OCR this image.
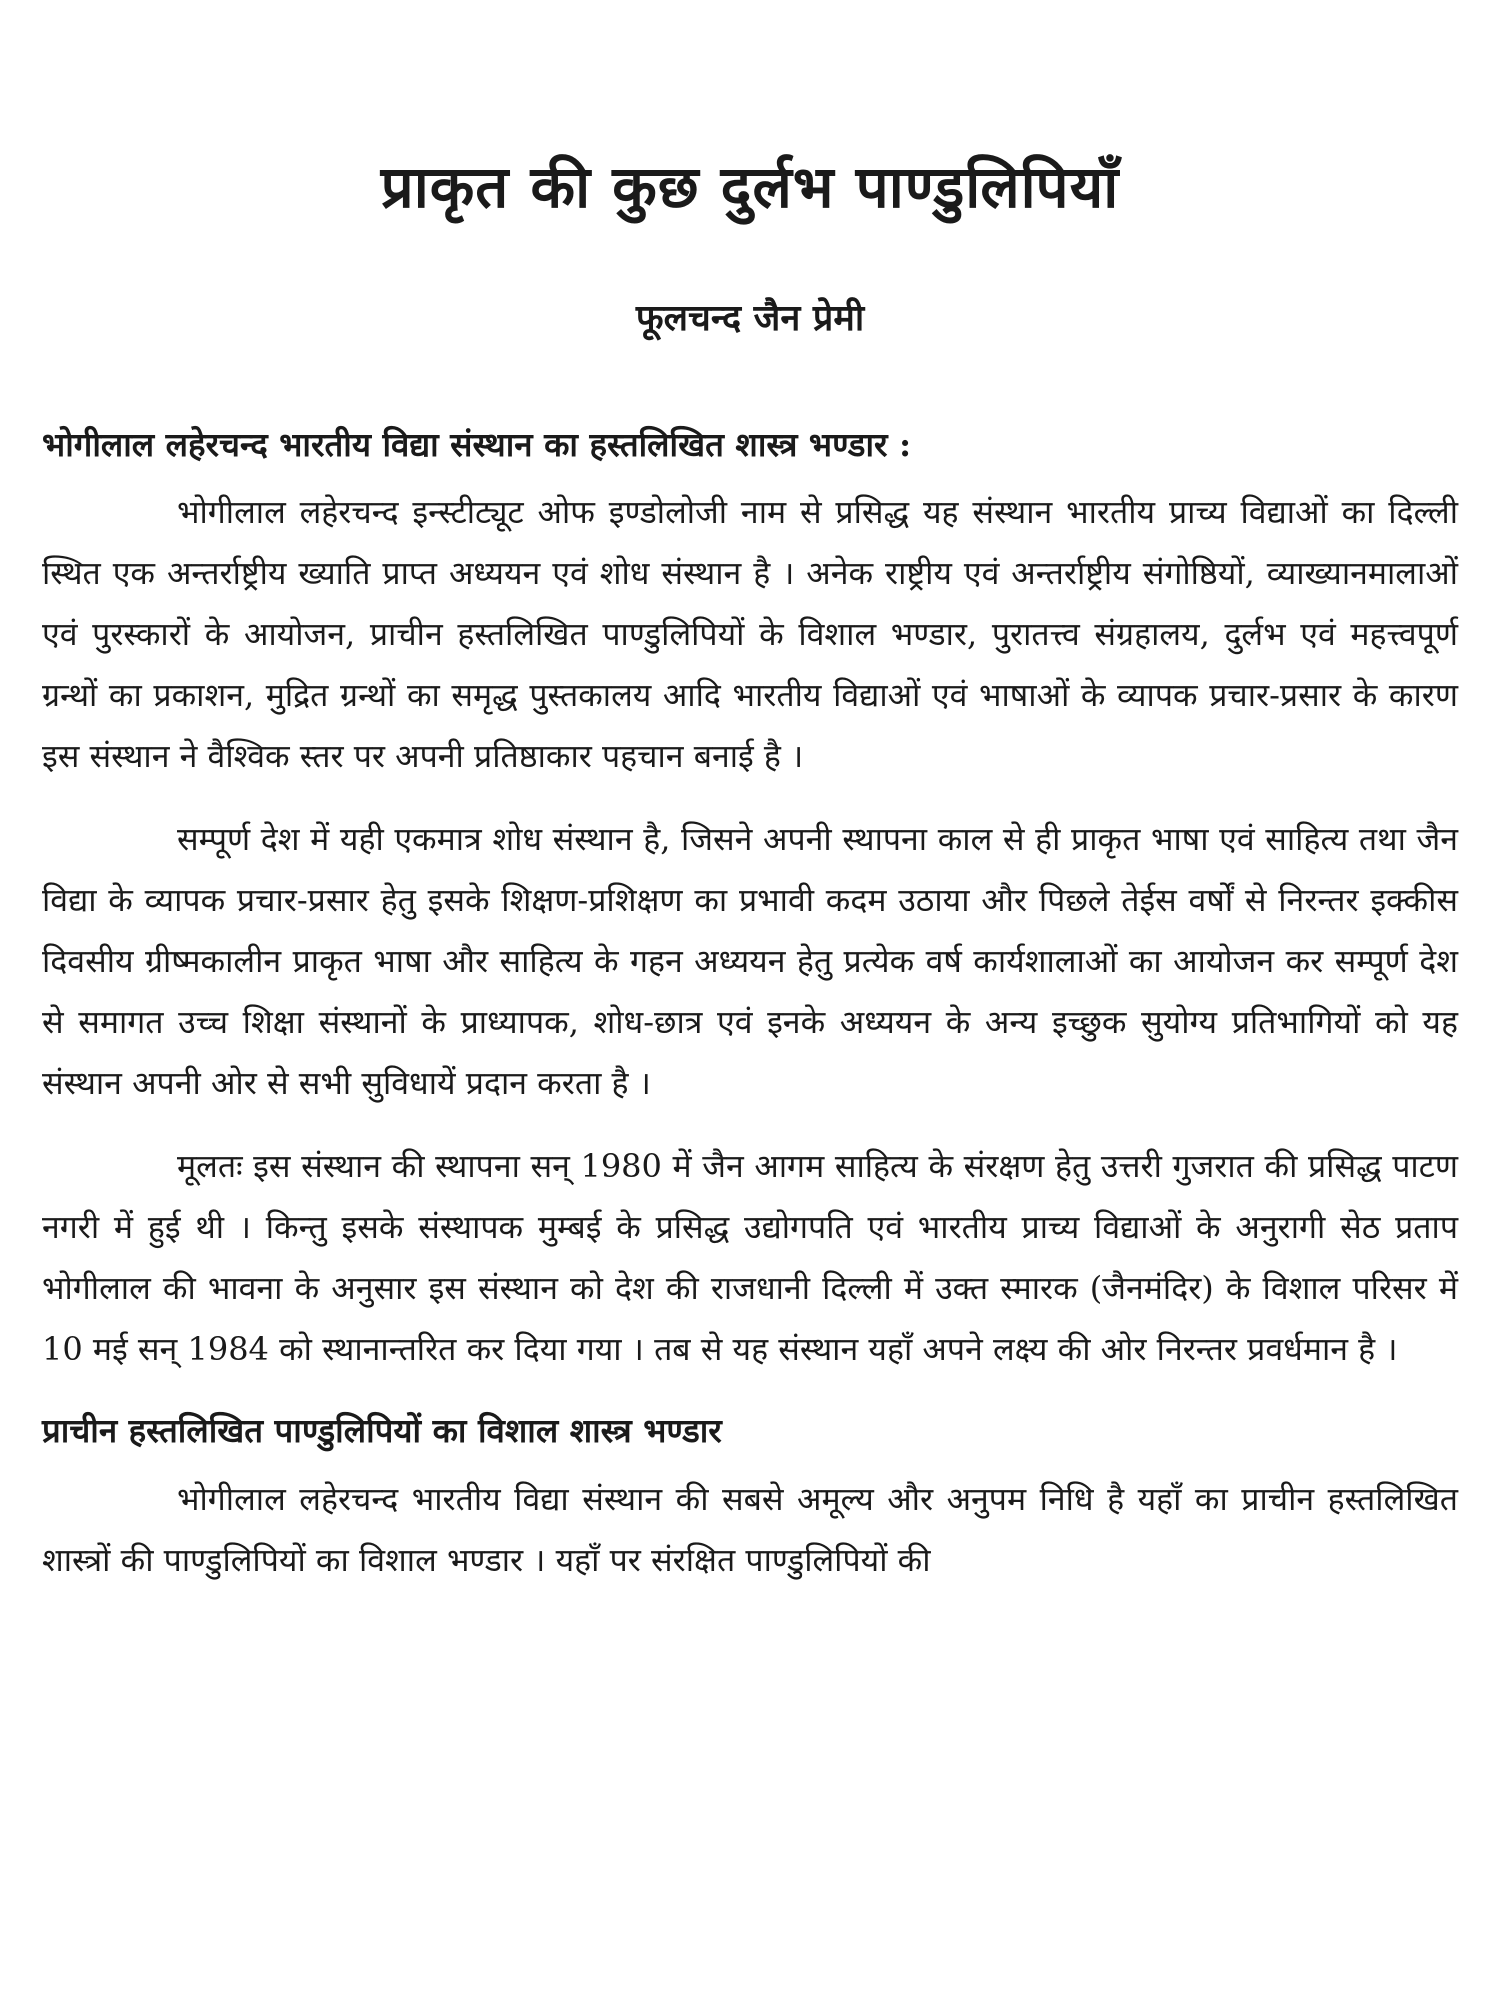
प्राकृत की कुछ दुर्लभ पाण्डुलिपियाँ
फूलचन्द जैन प्रेमी
भोगीलाल लहेरचन्द भारतीय विद्या संस्थान का हस्तलिखित शास्त्र भण्डार :

भोगीलाल लहेरचन्द इन्स्टीट्यूट ओफ इण्डोलोजी नाम से प्रसिद्ध यह संस्थान भारतीय प्राच्य विद्याओं का दिल्ली स्थित एक अन्तर्राष्ट्रीय ख्याति प्राप्त अध्ययन एवं शोध संस्थान है । अनेक राष्ट्रीय एवं अन्तर्राष्ट्रीय संगोष्ठियों, व्याख्यानमालाओं एवं पुरस्कारों के आयोजन, प्राचीन हस्तलिखित पाण्डुलिपियों के विशाल भण्डार, पुरातत्त्व संग्रहालय, दुर्लभ एवं महत्त्वपूर्ण ग्रन्थों का प्रकाशन, मुद्रित ग्रन्थों का समृद्ध पुस्तकालय आदि भारतीय विद्याओं एवं भाषाओं के व्यापक प्रचार-प्रसार के कारण इस संस्थान ने वैश्विक स्तर पर अपनी प्रतिष्ठाकार पहचान बनाई है ।

सम्पूर्ण देश में यही एकमात्र शोध संस्थान है, जिसने अपनी स्थापना काल से ही प्राकृत भाषा एवं साहित्य तथा जैन विद्या के व्यापक प्रचार-प्रसार हेतु इसके शिक्षण-प्रशिक्षण का प्रभावी कदम उठाया और पिछले तेईस वर्षों से निरन्तर इक्कीस दिवसीय ग्रीष्मकालीन प्राकृत भाषा और साहित्य के गहन अध्ययन हेतु प्रत्येक वर्ष कार्यशालाओं का आयोजन कर सम्पूर्ण देश से समागत उच्च शिक्षा संस्थानों के प्राध्यापक, शोध-छात्र एवं इनके अध्ययन के अन्य इच्छुक सुयोग्य प्रतिभागियों को यह संस्थान अपनी ओर से सभी सुविधायें प्रदान करता है ।

मूलतः इस संस्थान की स्थापना सन् 1980 में जैन आगम साहित्य के संरक्षण हेतु उत्तरी गुजरात की प्रसिद्ध पाटण नगरी में हुई थी । किन्तु इसके संस्थापक मुम्बई के प्रसिद्ध उद्योगपति एवं भारतीय प्राच्य विद्याओं के अनुरागी सेठ प्रताप भोगीलाल की भावना के अनुसार इस संस्थान को देश की राजधानी दिल्ली में उक्त स्मारक (जैनमंदिर) के विशाल परिसर में 10 मई सन् 1984 को स्थानान्तरित कर दिया गया । तब से यह संस्थान यहाँ अपने लक्ष्य की ओर निरन्तर प्रवर्धमान है ।

प्राचीन हस्तलिखित पाण्डुलिपियों का विशाल शास्त्र भण्डार

भोगीलाल लहेरचन्द भारतीय विद्या संस्थान की सबसे अमूल्य और अनुपम निधि है यहाँ का प्राचीन हस्तलिखित शास्त्रों की पाण्डुलिपियों का विशाल भण्डार । यहाँ पर संरक्षित पाण्डुलिपियों की
